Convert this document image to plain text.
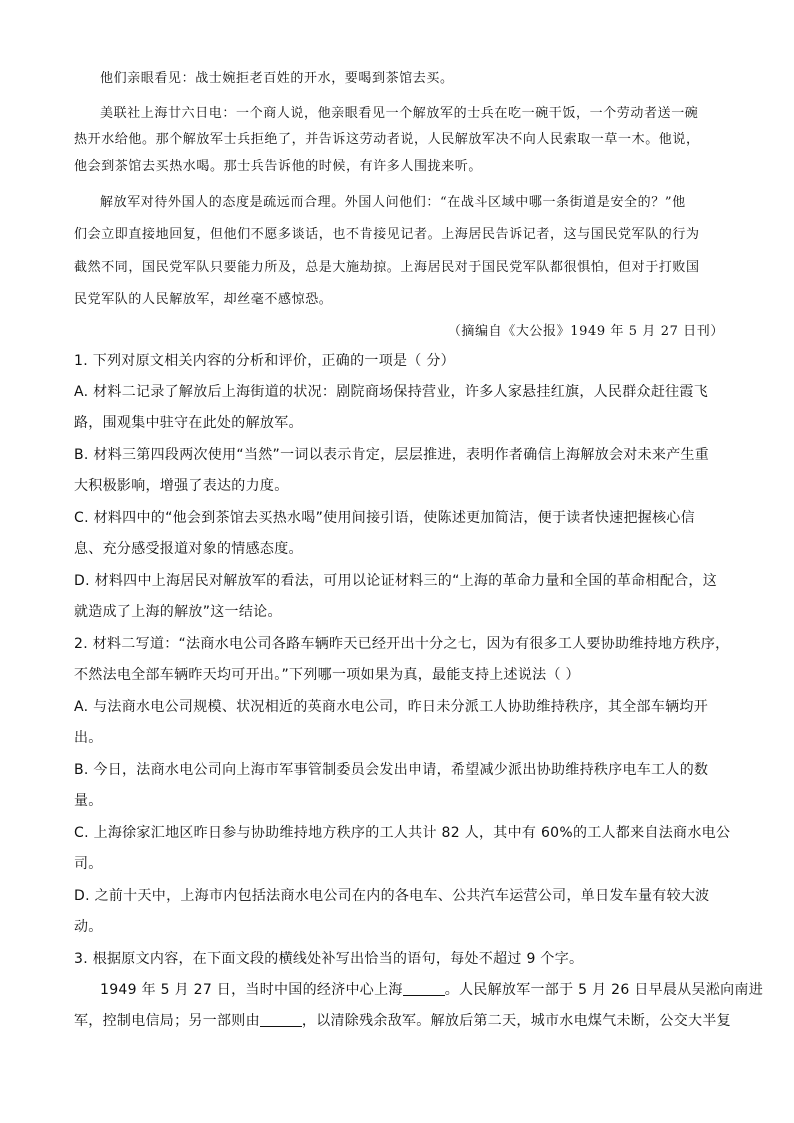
他们亲眼看见：战士婉拒老百姓的开水，要喝到茶馆去买。
美联社上海廿六日电：一个商人说，他亲眼看见一个解放军的士兵在吃一碗干饭，一个劳动者送一碗
热开水给他。那个解放军士兵拒绝了，并告诉这劳动者说，人民解放军决不向人民索取一草一木。他说，
他会到茶馆去买热水喝。那士兵告诉他的时候，有许多人围拢来听。
解放军对待外国人的态度是疏远而合理。外国人问他们：“在战斗区域中哪一条街道是安全的？”他
们会立即直接地回复，但他们不愿多谈话，也不肯接见记者。上海居民告诉记者，这与国民党军队的行为
截然不同，国民党军队只要能力所及，总是大施劫掠。上海居民对于国民党军队都很惧怕，但对于打败国
民党军队的人民解放军，却丝毫不感惊恐。
（摘编自《大公报》1949 年 5 月 27 日刊）
1. 下列对原文相关内容的分析和评价，正确的一项是（ 分）
A. 材料二记录了解放后上海街道的状况：剧院商场保持营业，许多人家悬挂红旗，人民群众赶往霞飞
路，围观集中驻守在此处的解放军。
B. 材料三第四段两次使用“当然”一词以表示肯定，层层推进，表明作者确信上海解放会对未来产生重
大积极影响，增强了表达的力度。
C. 材料四中的“他会到茶馆去买热水喝”使用间接引语，使陈述更加简洁，便于读者快速把握核心信
息、充分感受报道对象的情感态度。
D. 材料四中上海居民对解放军的看法，可用以论证材料三的“上海的革命力量和全国的革命相配合，这
就造成了上海的解放”这一结论。
2. 材料二写道：“法商水电公司各路车辆昨天已经开出十分之七，因为有很多工人要协助维持地方秩序，
不然法电全部车辆昨天均可开出。”下列哪一项如果为真，最能支持上述说法（ ）
A. 与法商水电公司规模、状况相近的英商水电公司，昨日未分派工人协助维持秩序，其全部车辆均开
出。
B. 今日，法商水电公司向上海市军事管制委员会发出申请，希望减少派出协助维持秩序电车工人的数
量。
C. 上海徐家汇地区昨日参与协助维持地方秩序的工人共计 82 人，其中有 60%的工人都来自法商水电公
司。
D. 之前十天中，上海市内包括法商水电公司在内的各电车、公共汽车运营公司，单日发车量有较大波
动。
3. 根据原文内容，在下面文段的横线处补写出恰当的语句，每处不超过 9 个字。
1949 年 5 月 27 日，当时中国的经济中心上海	。人民解放军一部于 5 月 26 日早晨从吴淞向南进
军，控制电信局；另一部则由	，以清除残余敌军。解放后第二天，城市水电煤气未断，公交大半复
